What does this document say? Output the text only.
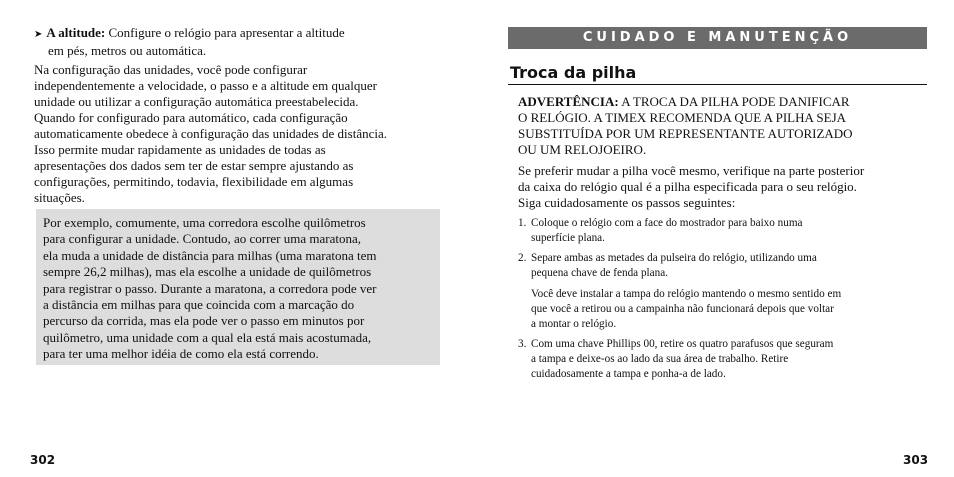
➤ A altitude: Configure o relógio para apresentar a altitude
em pés, metros ou automática.
Na configuração das unidades, você pode configurar
independentemente a velocidade, o passo e a altitude em qualquer
unidade ou utilizar a configuração automática preestabelecida.
Quando for configurado para automático, cada configuração
automaticamente obedece à configuração das unidades de distância.
Isso permite mudar rapidamente as unidades de todas as
apresentações dos dados sem ter de estar sempre ajustando as
configurações, permitindo, todavia, flexibilidade em algumas
situações.
Por exemplo, comumente, uma corredora escolhe quilômetros
para configurar a unidade. Contudo, ao correr uma maratona,
ela muda a unidade de distância para milhas (uma maratona tem
sempre 26,2 milhas), mas ela escolhe a unidade de quilômetros
para registrar o passo. Durante a maratona, a corredora pode ver
a distância em milhas para que coincida com a marcação do
percurso da corrida, mas ela pode ver o passo em minutos por
quilômetro, uma unidade com a qual ela está mais acostumada,
para ter uma melhor idéia de como ela está correndo.
CUIDADO E MANUTENÇÃO
Troca da pilha
ADVERTÊNCIA: A TROCA DA PILHA PODE DANIFICAR
O RELÓGIO. A TIMEX RECOMENDA QUE A PILHA SEJA
SUBSTITUÍDA POR UM REPRESENTANTE AUTORIZADO
OU UM RELOJOEIRO.
Se preferir mudar a pilha você mesmo, verifique na parte posterior
da caixa do relógio qual é a pilha especificada para o seu relógio.
Siga cuidadosamente os passos seguintes:
1. Coloque o relógio com a face do mostrador para baixo numa
superfície plana.
2. Separe ambas as metades da pulseira do relógio, utilizando uma
pequena chave de fenda plana.
Você deve instalar a tampa do relógio mantendo o mesmo sentido em
que você a retirou ou a campainha não funcionará depois que voltar
a montar o relógio.
3. Com uma chave Phillips 00, retire os quatro parafusos que seguram
a tampa e deixe-os ao lado da sua área de trabalho. Retire
cuidadosamente a tampa e ponha-a de lado.
302	303
